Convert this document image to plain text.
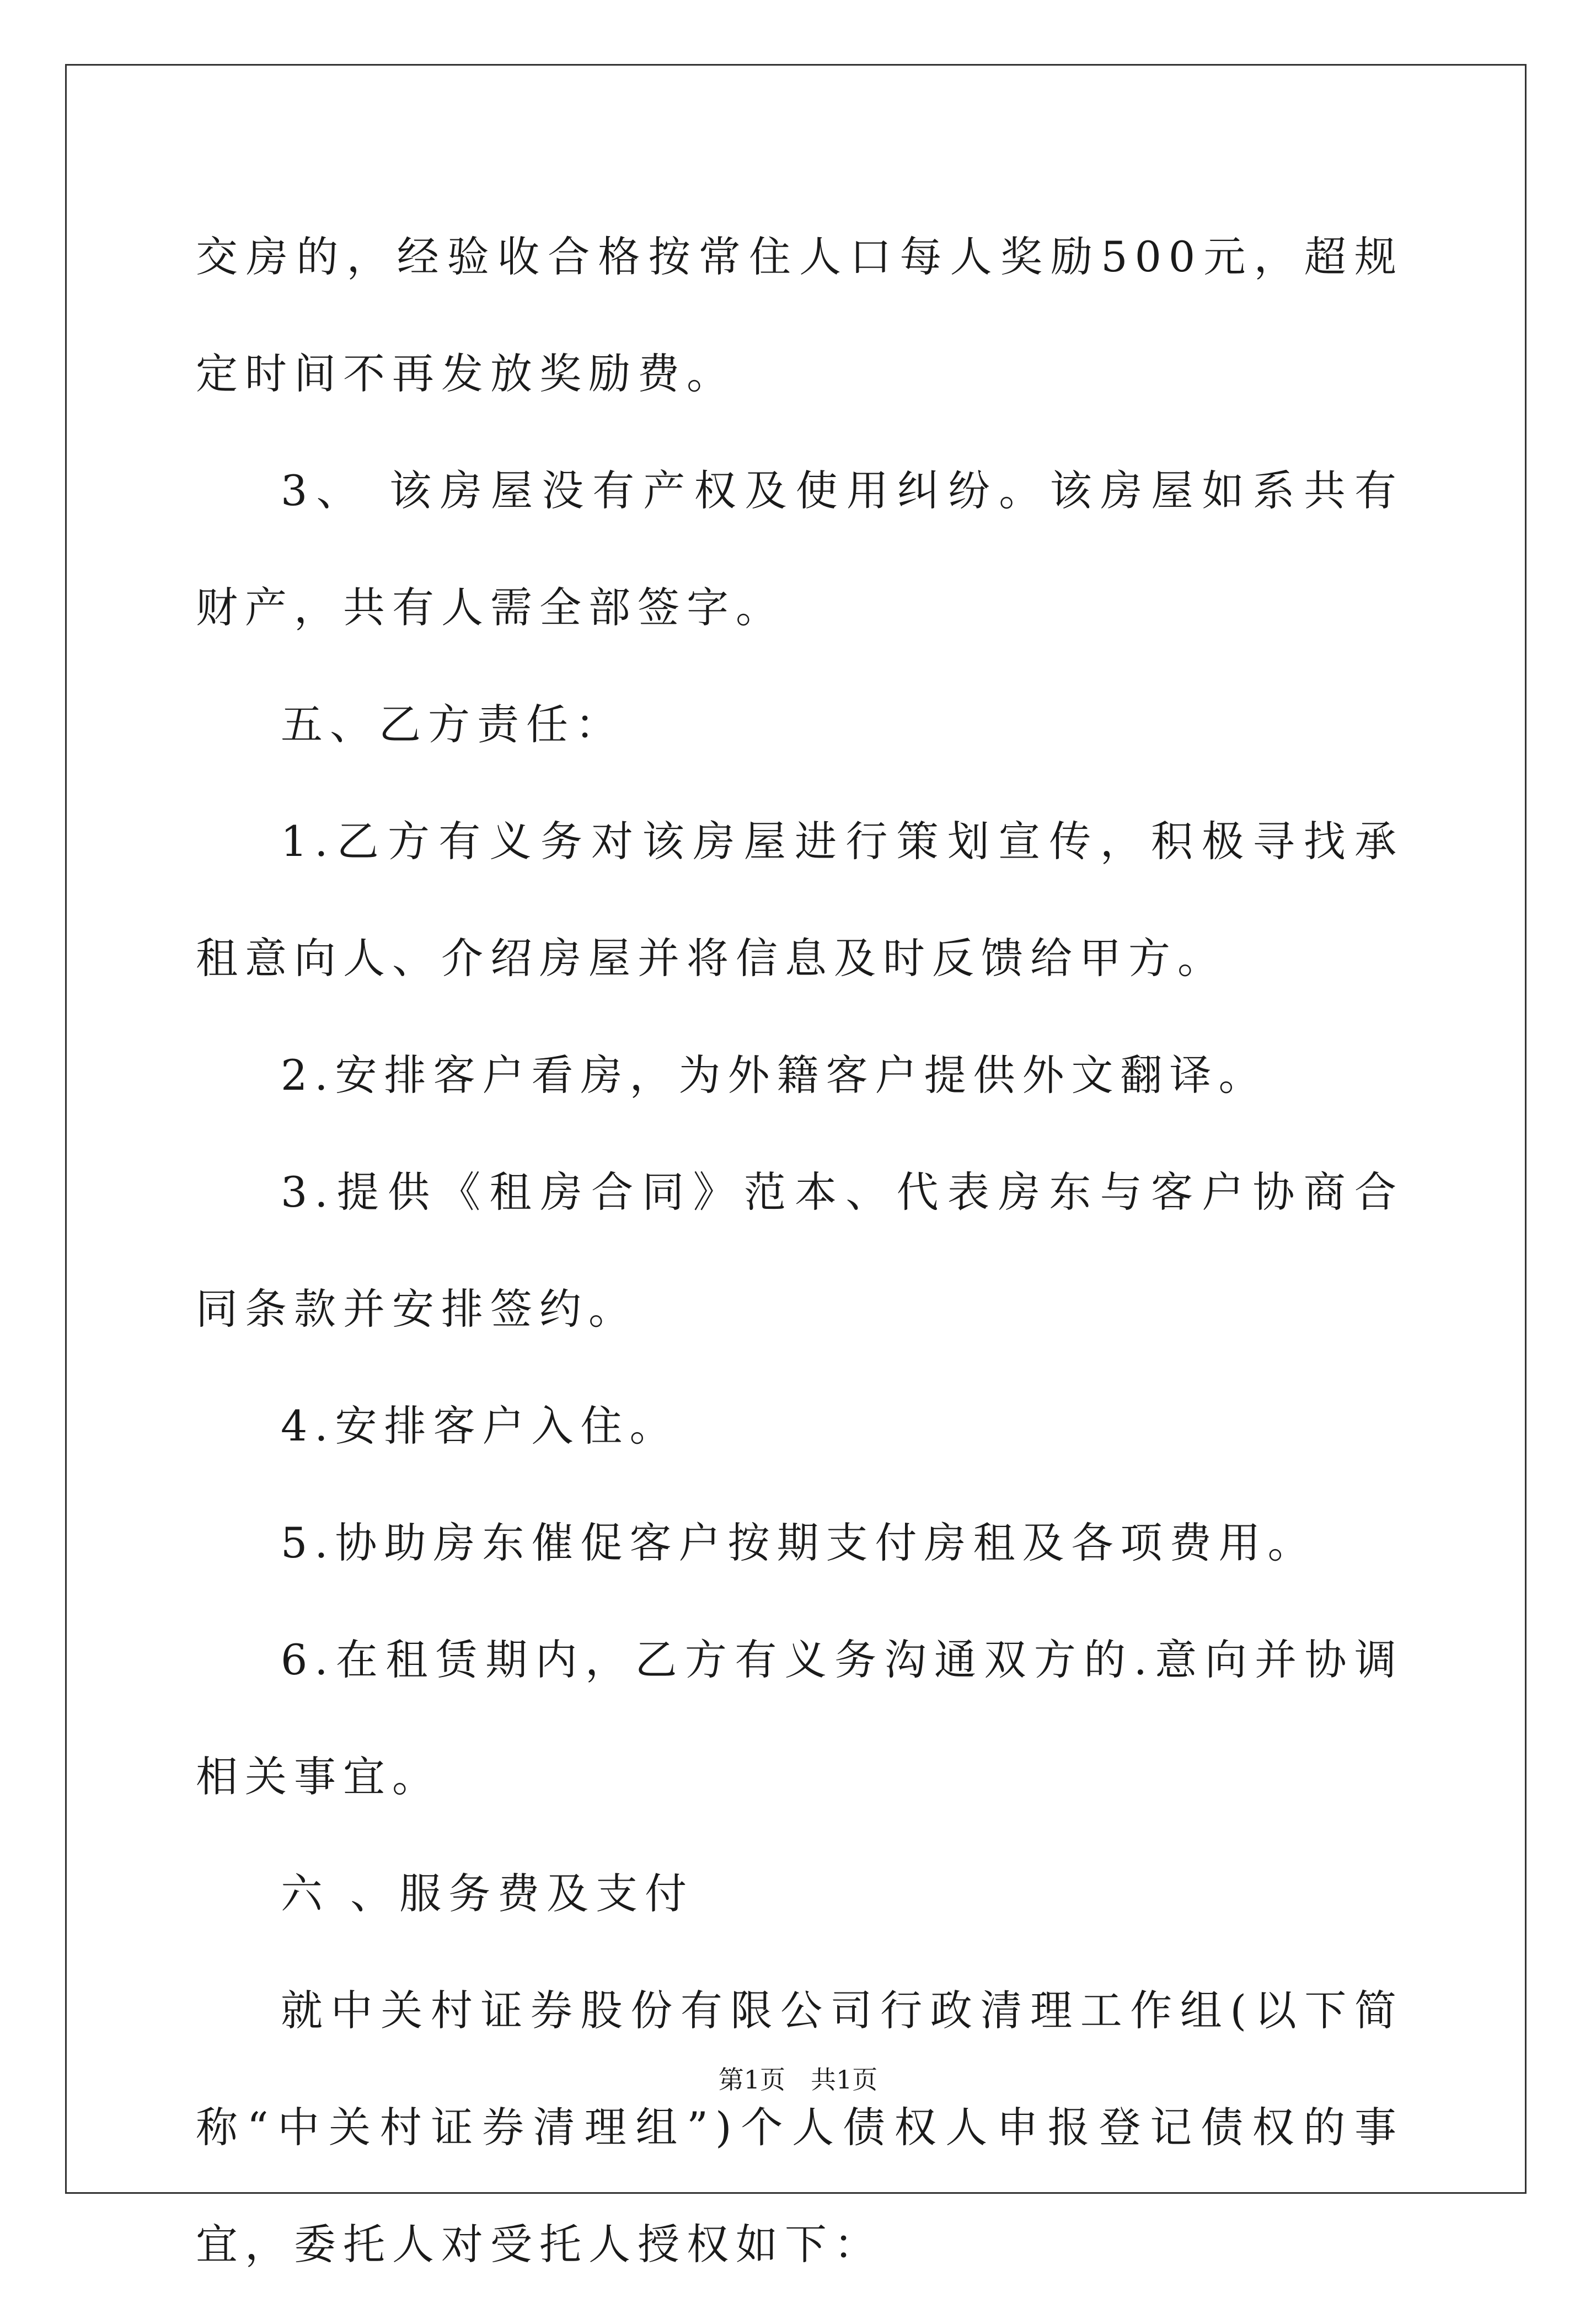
交房的，经验收合格按常住人口每人奖励500元，超规定时间不再发放奖励费。

3、 该房屋没有产权及使用纠纷。该房屋如系共有财产，共有人需全部签字。

五、乙方责任：

1.乙方有义务对该房屋进行策划宣传，积极寻找承租意向人、介绍房屋并将信息及时反馈给甲方。

2.安排客户看房，为外籍客户提供外文翻译。

3.提供《租房合同》范本、代表房东与客户协商合同条款并安排签约。

4.安排客户入住。

5.协助房东催促客户按期支付房租及各项费用。

6.在租赁期内，乙方有义务沟通双方的.意向并协调相关事宜。

六 、服务费及支付

就中关村证券股份有限公司行政清理工作组(以下简称“中关村证券清理组”)个人债权人申报登记债权的事宜，委托人对受托人授权如下：

第1页　共1页
